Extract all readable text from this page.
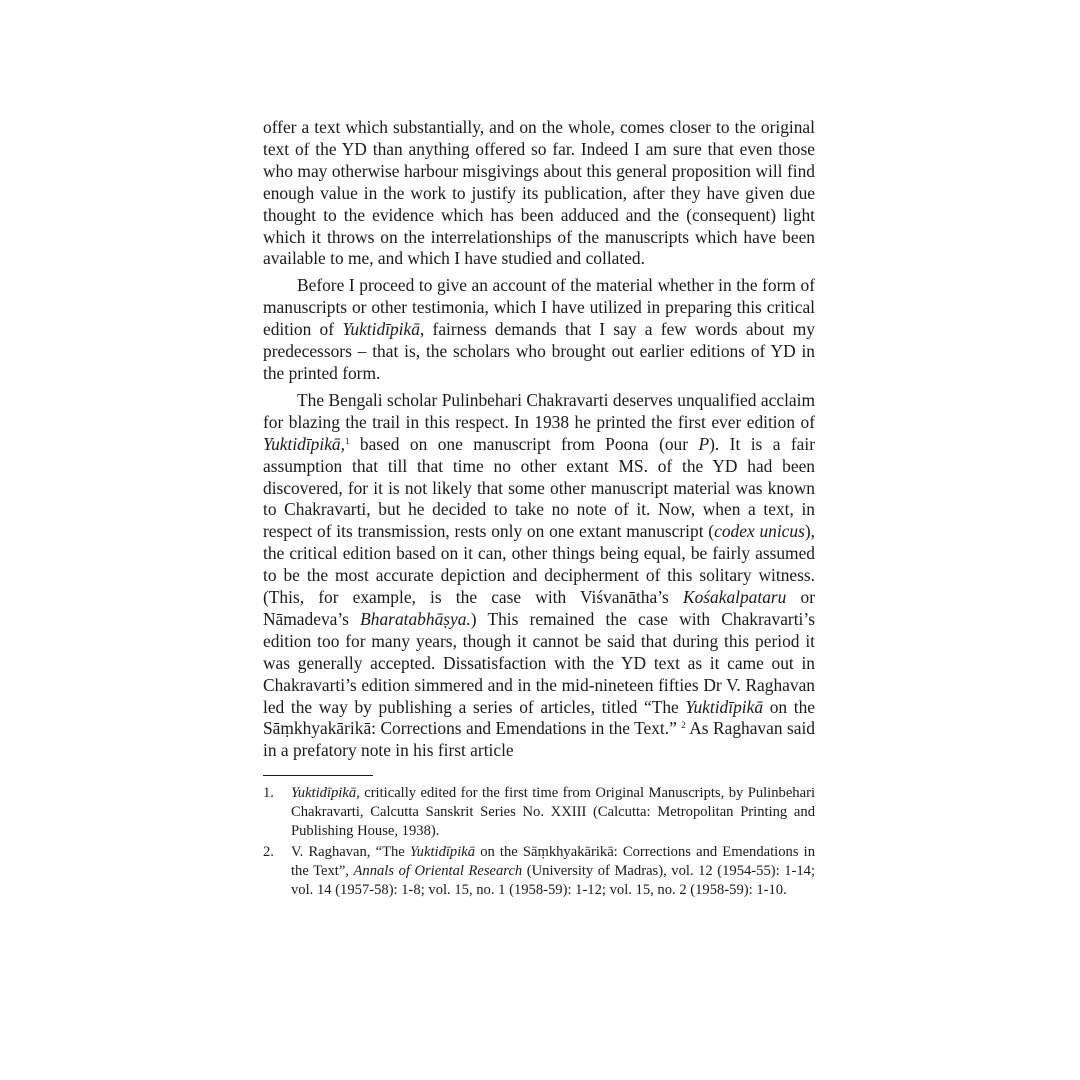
offer a text which substantially, and on the whole, comes closer to the original text of the YD than anything offered so far. Indeed I am sure that even those who may otherwise harbour misgivings about this general proposition will find enough value in the work to justify its publication, after they have given due thought to the evidence which has been adduced and the (consequent) light which it throws on the interrelationships of the manuscripts which have been available to me, and which I have studied and collated.

Before I proceed to give an account of the material whether in the form of manuscripts or other testimonia, which I have utilized in preparing this critical edition of Yuktidīpikā, fairness demands that I say a few words about my predecessors – that is, the scholars who brought out earlier editions of YD in the printed form.

The Bengali scholar Pulinbehari Chakravarti deserves unqualified acclaim for blazing the trail in this respect. In 1938 he printed the first ever edition of Yuktidīpikā,$^1$ based on one manuscript from Poona (our P). It is a fair assumption that till that time no other extant MS. of the YD had been discovered, for it is not likely that some other manuscript material was known to Chakravarti, but he decided to take no note of it. Now, when a text, in respect of its transmission, rests only on one extant manuscript (codex unicus), the critical edition based on it can, other things being equal, be fairly assumed to be the most accurate depiction and decipherment of this solitary witness. (This, for example, is the case with Viśvanātha’s Kośakalpataru or Nāmadeva’s Bharatabhāṣya.) This remained the case with Chakravarti’s edition too for many years, though it cannot be said that during this period it was generally accepted. Dissatisfaction with the YD text as it came out in Chakravarti’s edition simmered and in the mid-nineteen fifties Dr V. Raghavan led the way by publishing a series of articles, titled “The Yuktidīpikā on the Sāṃkhyakārikā: Corrections and Emendations in the Text.” $^2$ As Raghavan said in a prefatory note in his first article

1.	Yuktidīpikā, critically edited for the first time from Original Manuscripts, by Pulinbehari Chakravarti, Calcutta Sanskrit Series No. XXIII (Calcutta: Metropolitan Printing and Publishing House, 1938).
2.	V. Raghavan, “The Yuktidīpikā on the Sāṃkhyakārikā: Corrections and Emendations in the Text”, Annals of Oriental Research (University of Madras), vol. 12 (1954-55): 1-14; vol. 14 (1957-58): 1-8; vol. 15, no. 1 (1958-59): 1-12; vol. 15, no. 2 (1958-59): 1-10.
